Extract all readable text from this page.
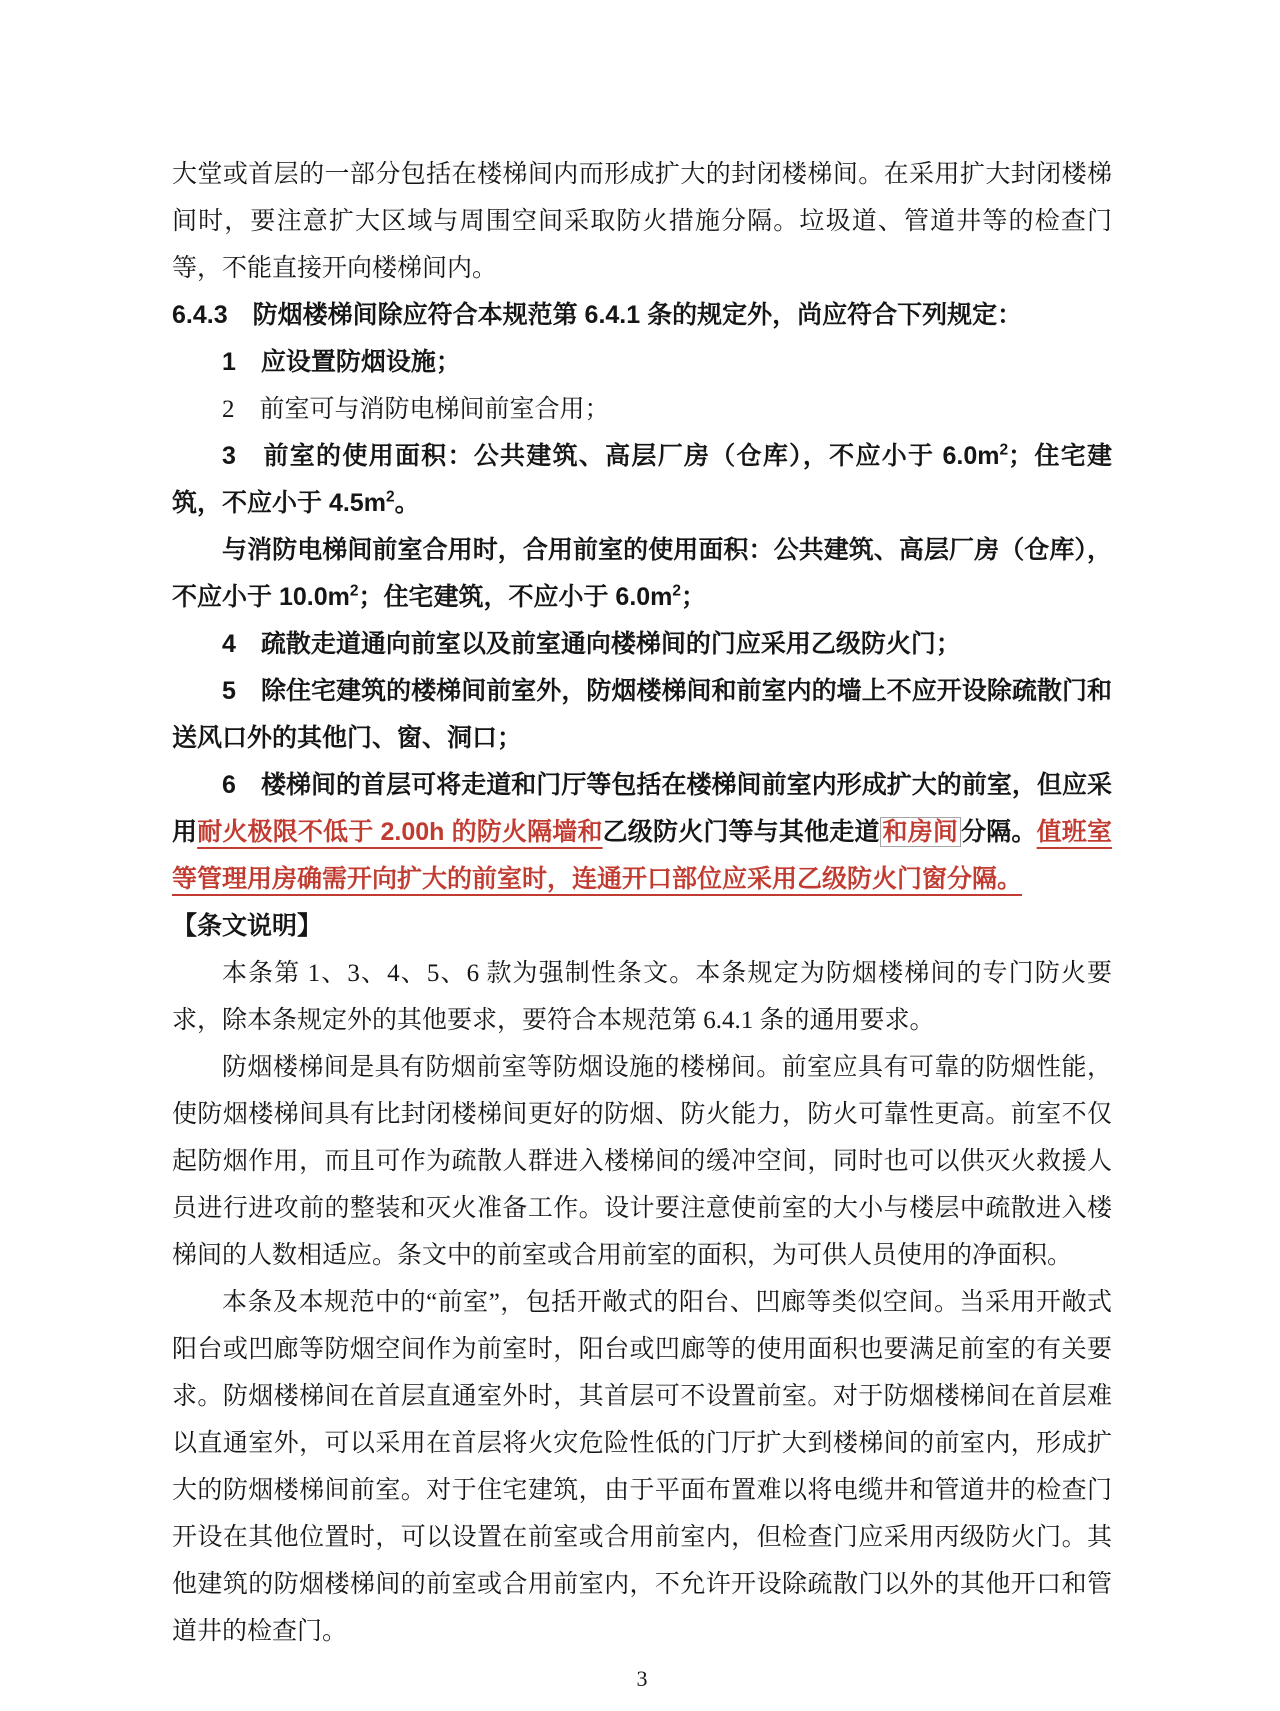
大堂或首层的一部分包括在楼梯间内而形成扩大的封闭楼梯间。在采用扩大封闭楼梯间时，要注意扩大区域与周围空间采取防火措施分隔。垃圾道、管道井等的检查门等，不能直接开向楼梯间内。

6.4.3　防烟楼梯间除应符合本规范第 6.4.1 条的规定外，尚应符合下列规定：

1　应设置防烟设施；

2　前室可与消防电梯间前室合用；

3　前室的使用面积：公共建筑、高层厂房（仓库），不应小于 $6.0m^2$；住宅建筑，不应小于 $4.5m^2$。

与消防电梯间前室合用时，合用前室的使用面积：公共建筑、高层厂房（仓库），不应小于 $10.0m^2$；住宅建筑，不应小于 $6.0m^2$；

4　疏散走道通向前室以及前室通向楼梯间的门应采用乙级防火门；

5　除住宅建筑的楼梯间前室外，防烟楼梯间和前室内的墙上不应开设除疏散门和送风口外的其他门、窗、洞口；

6　楼梯间的首层可将走道和门厅等包括在楼梯间前室内形成扩大的前室，但应采用耐火极限不低于 2.00h 的防火隔墙和乙级防火门等与其他走道 和房间 分隔。值班室等管理用房确需开向扩大的前室时，连通开口部位应采用乙级防火门窗分隔。

【条文说明】

本条第 1、3、4、5、6 款为强制性条文。本条规定为防烟楼梯间的专门防火要求，除本条规定外的其他要求，要符合本规范第 6.4.1 条的通用要求。

防烟楼梯间是具有防烟前室等防烟设施的楼梯间。前室应具有可靠的防烟性能，使防烟楼梯间具有比封闭楼梯间更好的防烟、防火能力，防火可靠性更高。前室不仅起防烟作用，而且可作为疏散人群进入楼梯间的缓冲空间，同时也可以供灭火救援人员进行进攻前的整装和灭火准备工作。设计要注意使前室的大小与楼层中疏散进入楼梯间的人数相适应。条文中的前室或合用前室的面积，为可供人员使用的净面积。

本条及本规范中的“前室”，包括开敞式的阳台、凹廊等类似空间。当采用开敞式阳台或凹廊等防烟空间作为前室时，阳台或凹廊等的使用面积也要满足前室的有关要求。防烟楼梯间在首层直通室外时，其首层可不设置前室。对于防烟楼梯间在首层难以直通室外，可以采用在首层将火灾危险性低的门厅扩大到楼梯间的前室内，形成扩大的防烟楼梯间前室。对于住宅建筑，由于平面布置难以将电缆井和管道井的检查门开设在其他位置时，可以设置在前室或合用前室内，但检查门应采用丙级防火门。其他建筑的防烟楼梯间的前室或合用前室内，不允许开设除疏散门以外的其他开口和管道井的检查门。

3
